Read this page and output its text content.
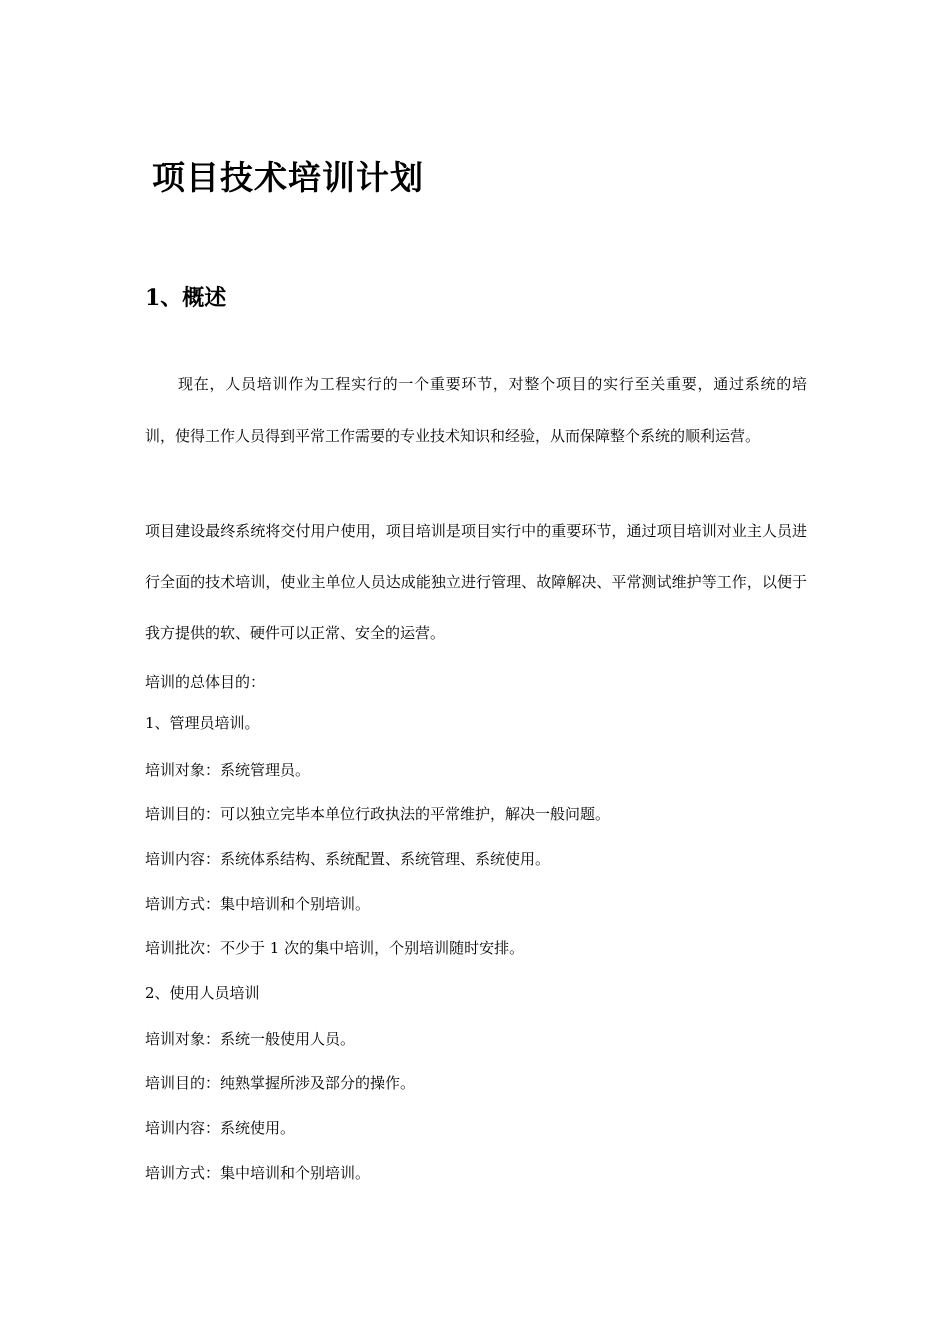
项目技术培训计划
1、概述

现在，人员培训作为工程实行的一个重要环节，对整个项目的实行至关重要，通过系统的培训，使得工作人员得到平常工作需要的专业技术知识和经验，从而保障整个系统的顺利运营。

项目建设最终系统将交付用户使用，项目培训是项目实行中的重要环节，通过项目培训对业主人员进行全面的技术培训，使业主单位人员达成能独立进行管理、故障解决、平常测试维护等工作，以便于我方提供的软、硬件可以正常、安全的运营。

培训的总体目的：

1、管理员培训。

培训对象：系统管理员。

培训目的：可以独立完毕本单位行政执法的平常维护，解决一般问题。

培训内容：系统体系结构、系统配置、系统管理、系统使用。

培训方式：集中培训和个别培训。

培训批次：不少于 1 次的集中培训，个别培训随时安排。

2、使用人员培训

培训对象：系统一般使用人员。

培训目的：纯熟掌握所涉及部分的操作。

培训内容：系统使用。

培训方式：集中培训和个别培训。
